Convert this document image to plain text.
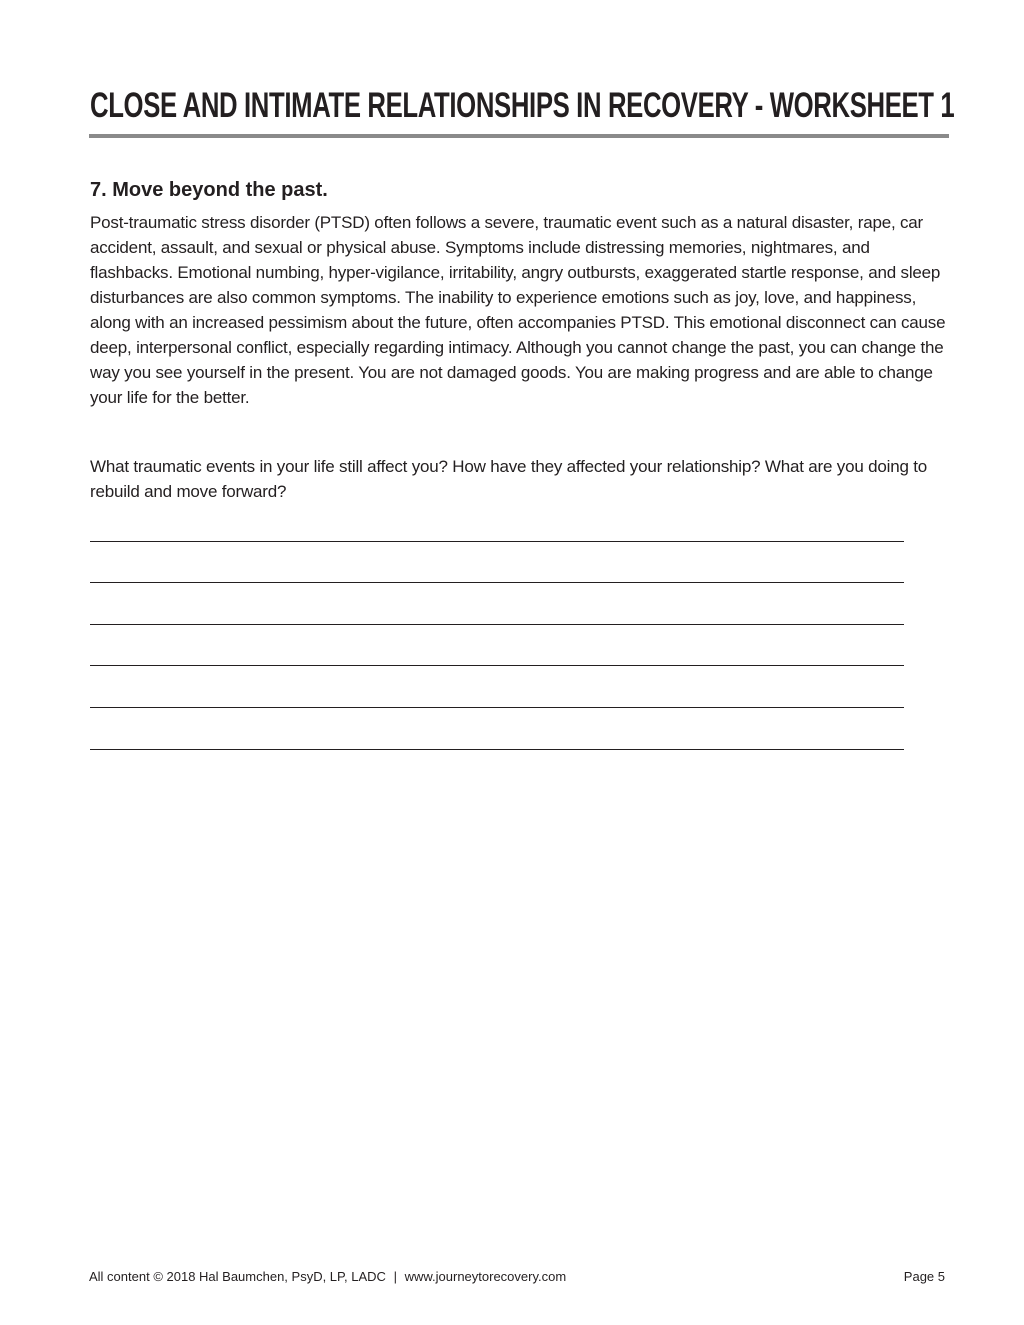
CLOSE AND INTIMATE RELATIONSHIPS IN RECOVERY - WORKSHEET 1
7. Move beyond the past.

Post-traumatic stress disorder (PTSD) often follows a severe, traumatic event such as a natural disaster, rape, car accident, assault, and sexual or physical abuse. Symptoms include distressing memories, nightmares, and flashbacks. Emotional numbing, hyper-vigilance, irritability, angry outbursts, exaggerated startle response, and sleep disturbances are also common symptoms. The inability to experience emotions such as joy, love, and happiness, along with an increased pessimism about the future, often accompanies PTSD. This emotional disconnect can cause deep, interpersonal conflict, especially regarding intimacy. Although you cannot change the past, you can change the way you see yourself in the present. You are not damaged goods. You are making progress and are able to change your life for the better.

What traumatic events in your life still affect you? How have they affected your relationship? What are you doing to rebuild and move forward?

All content © 2018 Hal Baumchen, PsyD, LP, LADC | www.journeytorecovery.com	Page 5
